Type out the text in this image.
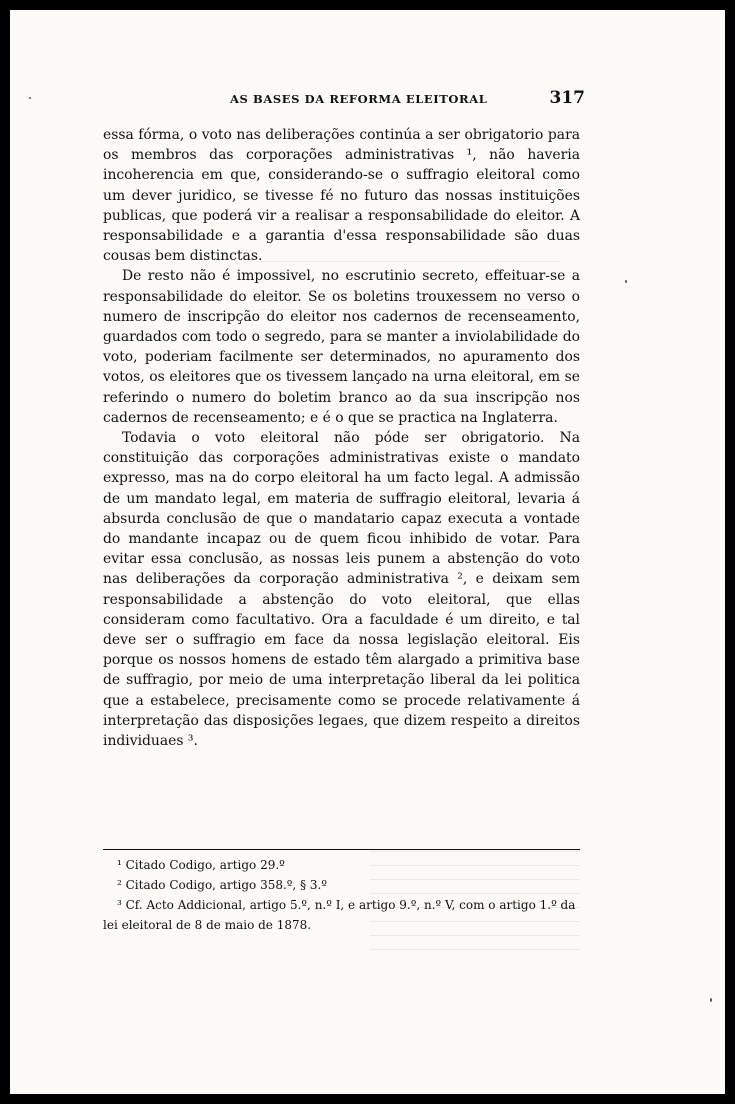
AS BASES DA REFORMA ELEITORAL	317

essa fórma, o voto nas deliberações continúa a ser obrigatorio para os membros das corporações administrativas ¹, não haveria incoherencia em que, considerando-se o suffragio eleitoral como um dever juridico, se tivesse fé no futuro das nossas instituições publicas, que poderá vir a realisar a responsabilidade do eleitor. A responsabilidade e a garantia d'essa responsabilidade são duas cousas bem distinctas.

De resto não é impossivel, no escrutinio secreto, effeituar-se a responsabilidade do eleitor. Se os boletins trouxessem no verso o numero de inscripção do eleitor nos cadernos de recenseamento, guardados com todo o segredo, para se manter a inviolabilidade do voto, poderiam facilmente ser determinados, no apuramento dos votos, os eleitores que os tivessem lançado na urna eleitoral, em se referindo o numero do boletim branco ao da sua inscripção nos cadernos de recenseamento; e é o que se practica na Inglaterra.

Todavia o voto eleitoral não póde ser obrigatorio. Na constituição das corporações administrativas existe o mandato expresso, mas na do corpo eleitoral ha um facto legal. A admissão de um mandato legal, em materia de suffragio eleitoral, levaria á absurda conclusão de que o mandatario capaz executa a vontade do mandante incapaz ou de quem ficou inhibido de votar. Para evitar essa conclusão, as nossas leis punem a abstenção do voto nas deliberações da corporação administrativa ², e deixam sem responsabilidade a abstenção do voto eleitoral, que ellas consideram como facultativo. Ora a faculdade é um direito, e tal deve ser o suffragio em face da nossa legislação eleitoral. Eis porque os nossos homens de estado têm alargado a primitiva base de suffragio, por meio de uma interpretação liberal da lei politica que a estabelece, precisamente como se procede relativamente á interpretação das disposições legaes, que dizem respeito a direitos individuaes ³.

¹ Citado Codigo, artigo 29.º

² Citado Codigo, artigo 358.º, § 3.º

³ Cf. Acto Addicional, artigo 5.º, n.º I, e artigo 9.º, n.º V, com o artigo 1.º da lei eleitoral de 8 de maio de 1878.
